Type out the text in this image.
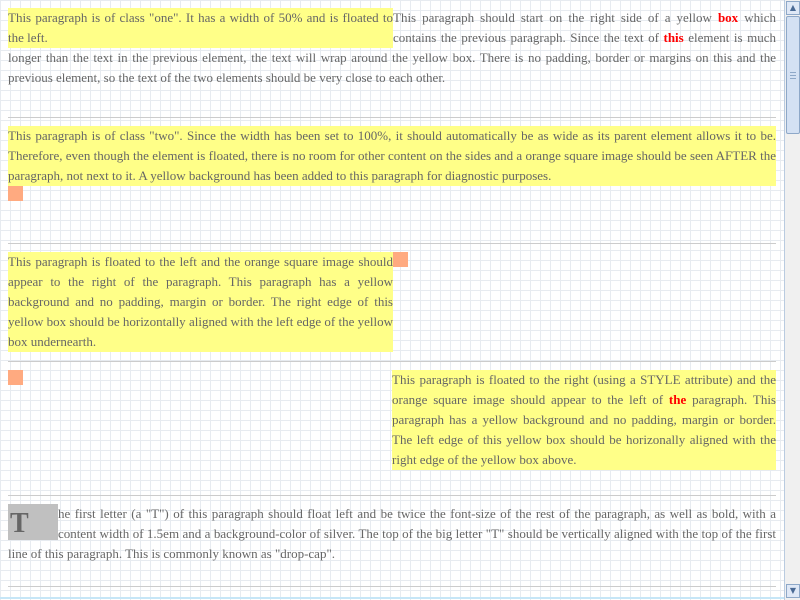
This paragraph is of class "one". It has a width of 50% and is floated to the left.

This paragraph should start on the right side of a yellow box which contains the previous paragraph. Since the text of this element is much longer than the text in the previous element, the text will wrap around the yellow box. There is no padding, border or margins on this and the previous element, so the text of the two elements should be very close to each other.

This paragraph is of class "two". Since the width has been set to 100%, it should automatically be as wide as its parent element allows it to be. Therefore, even though the element is floated, there is no room for other content on the sides and a orange square image should be seen AFTER the paragraph, not next to it. A yellow background has been added to this paragraph for diagnostic purposes.

This paragraph is floated to the left and the orange square image should appear to the right of the paragraph. This paragraph has a yellow background and no padding, margin or border. The right edge of this yellow box should be horizontally aligned with the left edge of the yellow box undernearth.

This paragraph is floated to the right (using a STYLE attribute) and the orange square image should appear to the left of the paragraph. This paragraph has a yellow background and no padding, margin or border. The left edge of this yellow box should be horizonally aligned with the right edge of the yellow box above.

T	he first letter (a "T") of this paragraph should float left and be twice the font-size of the rest of the paragraph, as well as bold, with a content width of 1.5em and a background-color of silver. The top of the big letter "T" should be vertically aligned with the top of the first line of this paragraph. This is commonly known as "drop-cap".

▲
▼
